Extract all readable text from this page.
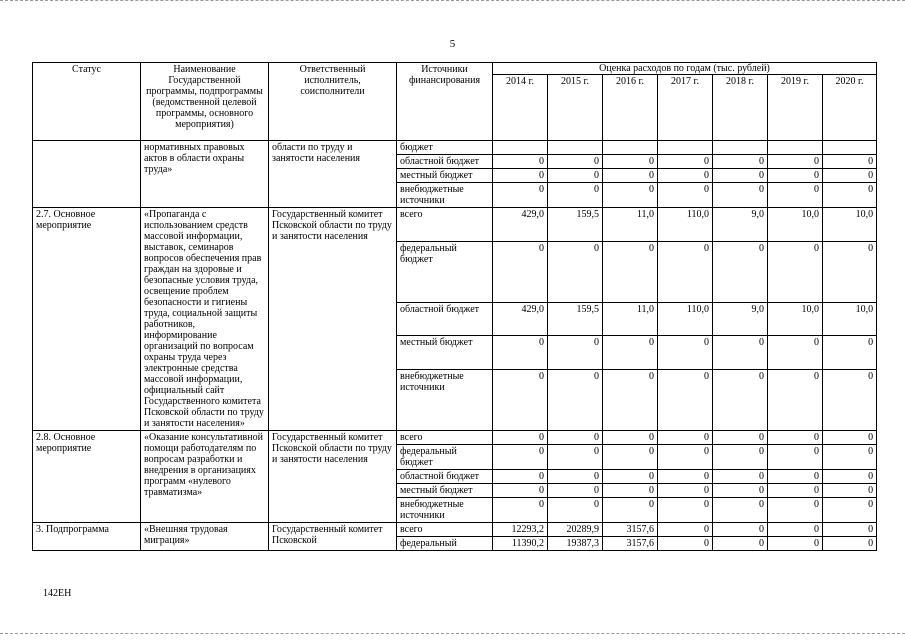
5
Статус	Наименование Государственной программы, подпрограммы (ведомственной целевой программы, основного мероприятия)	Ответственный исполнитель, соисполнители	Источники финансирования	Оценка расходов по годам (тыс. рублей)						
				2014 г.	2015 г.	2016 г.	2017 г.	2018 г.	2019 г.	2020 г.
	нормативных правовых актов в области охраны труда»	области по труду и занятости населения	бюджет							
			областной бюджет	0	0	0	0	0	0	0
			местный бюджет	0	0	0	0	0	0	0
			внебюджетные источники	0	0	0	0	0	0	0
2.7. Основное мероприятие	«Пропаганда с использованием средств массовой информации, выставок, семинаров вопросов обеспечения прав граждан на здоровые и безопасные условия труда, освещение проблем безопасности и гигиены труда, социальной защиты работников, информирование организаций по вопросам охраны труда через электронные средства массовой информации, официальный сайт Государственного комитета Псковской области по труду и занятости населения»	Государственный комитет Псковской области по труду и занятости населения	всего	429,0	159,5	11,0	110,0	9,0	10,0	10,0
			федеральный бюджет	0	0	0	0	0	0	0
			областной бюджет	429,0	159,5	11,0	110,0	9,0	10,0	10,0
			местный бюджет	0	0	0	0	0	0	0
			внебюджетные источники	0	0	0	0	0	0	0
2.8. Основное мероприятие	«Оказание консультативной помощи работодателям по вопросам разработки и внедрения в организациях программ «нулевого травматизма»	Государственный комитет Псковской области по труду и занятости населения	всего	0	0	0	0	0	0	0
			федеральный бюджет	0	0	0	0	0	0	0
			областной бюджет	0	0	0	0	0	0	0
			местный бюджет	0	0	0	0	0	0	0
			внебюджетные источники	0	0	0	0	0	0	0
3. Подпрограмма	«Внешняя трудовая миграция»	Государственный комитет Псковской	всего	12293,2	20289,9	3157,6	0	0	0	0
			федеральный	11390,2	19387,3	3157,6	0	0	0	0
142ЕН
